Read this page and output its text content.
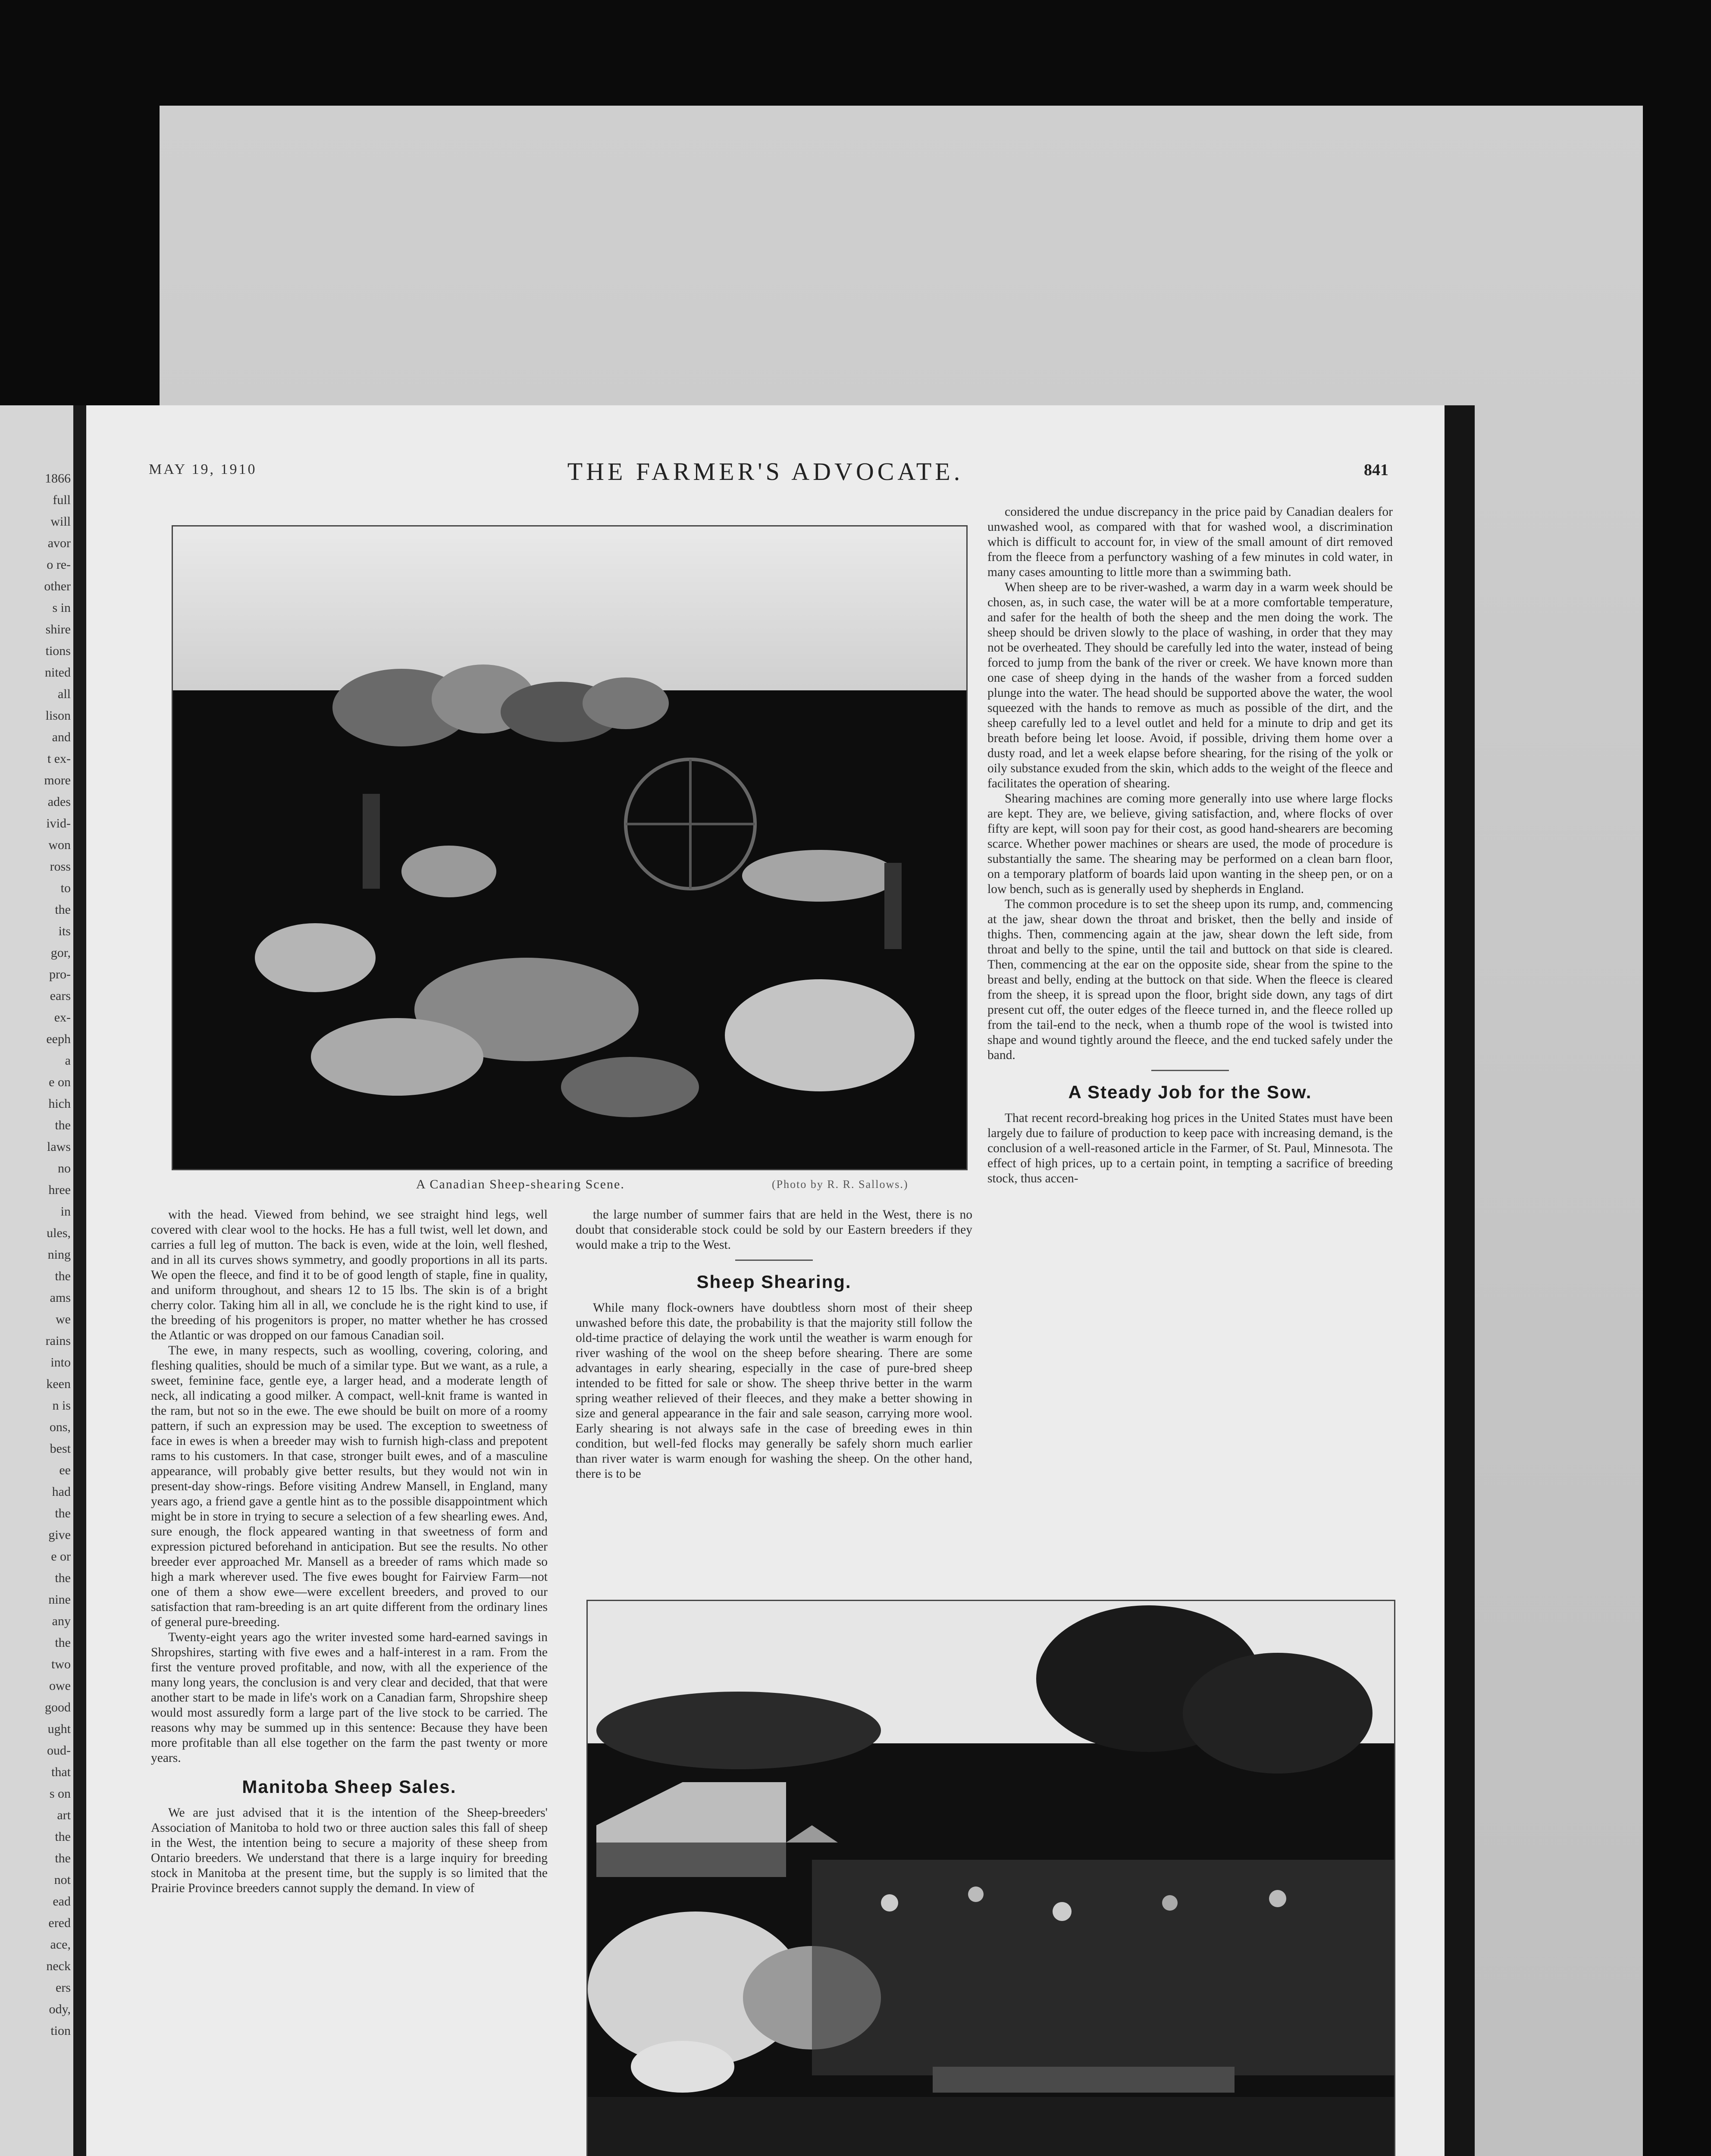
1866
full
will
avor
o re-
other
s in
shire
tions
nited
all
lison
and
t ex-
more
ades
ivid-
won
ross
to
the
its
gor,
pro-
ears
ex-
eeph
a
e on
hich
the
laws
no
hree
in
ules,
ning
the
ams
we
rains
into
keen
n is
ons,
best
ee
had
the
give
e or
the
nine
any
the
two
owe
good
ught
oud-
that
s on
art
the
the
not
ead
ered
ace,
neck
ers
ody,
tion
MAY 19, 1910	THE FARMER'S ADVOCATE.	841
A Canadian Sheep-shearing Scene.	(Photo by R. R. Sallows.)

with the head. Viewed from behind, we see straight hind legs, well covered with clear wool to the hocks. He has a full twist, well let down, and carries a full leg of mutton. The back is even, wide at the loin, well fleshed, and in all its curves shows symmetry, and goodly proportions in all its parts. We open the fleece, and find it to be of good length of staple, fine in quality, and uniform throughout, and shears 12 to 15 lbs. The skin is of a bright cherry color. Taking him all in all, we conclude he is the right kind to use, if the breeding of his progenitors is proper, no matter whether he has crossed the Atlantic or was dropped on our famous Canadian soil.

The ewe, in many respects, such as woolling, covering, coloring, and fleshing qualities, should be much of a similar type. But we want, as a rule, a sweet, feminine face, gentle eye, a larger head, and a moderate length of neck, all indicating a good milker. A compact, well-knit frame is wanted in the ram, but not so in the ewe. The ewe should be built on more of a roomy pattern, if such an expression may be used. The exception to sweetness of face in ewes is when a breeder may wish to furnish high-class and prepotent rams to his customers. In that case, stronger built ewes, and of a masculine appearance, will probably give better results, but they would not win in present-day show-rings. Before visiting Andrew Mansell, in England, many years ago, a friend gave a gentle hint as to the possible disappointment which might be in store in trying to secure a selection of a few shearling ewes. And, sure enough, the flock appeared wanting in that sweetness of form and expression pictured beforehand in anticipation. But see the results. No other breeder ever approached Mr. Mansell as a breeder of rams which made so high a mark wherever used. The five ewes bought for Fairview Farm—not one of them a show ewe—were excellent breeders, and proved to our satisfaction that ram-breeding is an art quite different from the ordinary lines of general pure-breeding.

Twenty-eight years ago the writer invested some hard-earned savings in Shropshires, starting with five ewes and a half-interest in a ram. From the first the venture proved profitable, and now, with all the experience of the many long years, the conclusion is and very clear and decided, that that were another start to be made in life's work on a Canadian farm, Shropshire sheep would most assuredly form a large part of the live stock to be carried. The reasons why may be summed up in this sentence: Because they have been more profitable than all else together on the farm the past twenty or more years.

Manitoba Sheep Sales.

We are just advised that it is the intention of the Sheep-breeders' Association of Manitoba to hold two or three auction sales this fall of sheep in the West, the intention being to secure a majority of these sheep from Ontario breeders. We understand that there is a large inquiry for breeding stock in Manitoba at the present time, but the supply is so limited that the Prairie Province breeders cannot supply the demand. In view of

the large number of summer fairs that are held in the West, there is no doubt that considerable stock could be sold by our Eastern breeders if they would make a trip to the West.

Sheep Shearing.

While many flock-owners have doubtless shorn most of their sheep unwashed before this date, the probability is that the majority still follow the old-time practice of delaying the work until the weather is warm enough for river washing of the wool on the sheep before shearing. There are some advantages in early shearing, especially in the case of pure-bred sheep intended to be fitted for sale or show. The sheep thrive better in the warm spring weather relieved of their fleeces, and they make a better showing in size and general appearance in the fair and sale season, carrying more wool. Early shearing is not always safe in the case of breeding ewes in thin condition, but well-fed flocks may generally be safely shorn much earlier than river water is warm enough for washing the sheep. On the other hand, there is to be

considered the undue discrepancy in the price paid by Canadian dealers for unwashed wool, as compared with that for washed wool, a discrimination which is difficult to account for, in view of the small amount of dirt removed from the fleece from a perfunctory washing of a few minutes in cold water, in many cases amounting to little more than a swimming bath.

When sheep are to be river-washed, a warm day in a warm week should be chosen, as, in such case, the water will be at a more comfortable temperature, and safer for the health of both the sheep and the men doing the work. The sheep should be driven slowly to the place of washing, in order that they may not be overheated. They should be carefully led into the water, instead of being forced to jump from the bank of the river or creek. We have known more than one case of sheep dying in the hands of the washer from a forced sudden plunge into the water. The head should be supported above the water, the wool squeezed with the hands to remove as much as possible of the dirt, and the sheep carefully led to a level outlet and held for a minute to drip and get its breath before being let loose. Avoid, if possible, driving them home over a dusty road, and let a week elapse before shearing, for the rising of the yolk or oily substance exuded from the skin, which adds to the weight of the fleece and facilitates the operation of shearing.

Shearing machines are coming more generally into use where large flocks are kept. They are, we believe, giving satisfaction, and, where flocks of over fifty are kept, will soon pay for their cost, as good hand-shearers are becoming scarce. Whether power machines or shears are used, the mode of procedure is substantially the same. The shearing may be performed on a clean barn floor, on a temporary platform of boards laid upon wanting in the sheep pen, or on a low bench, such as is generally used by shepherds in England.

The common procedure is to set the sheep upon its rump, and, commencing at the jaw, shear down the throat and brisket, then the belly and inside of thighs. Then, commencing again at the jaw, shear down the left side, from throat and belly to the spine, until the tail and buttock on that side is cleared. Then, commencing at the ear on the opposite side, shear from the spine to the breast and belly, ending at the buttock on that side. When the fleece is cleared from the sheep, it is spread upon the floor, bright side down, any tags of dirt present cut off, the outer edges of the fleece turned in, and the fleece rolled up from the tail-end to the neck, when a thumb rope of the wool is twisted into shape and wound tightly around the fleece, and the end tucked safely under the band.

A Steady Job for the Sow.

That recent record-breaking hog prices in the United States must have been largely due to failure of production to keep pace with increasing demand, is the conclusion of a well-reasoned article in the Farmer, of St. Paul, Minnesota. The effect of high prices, up to a certain point, in tempting a sacrifice of breeding stock, thus accen-
